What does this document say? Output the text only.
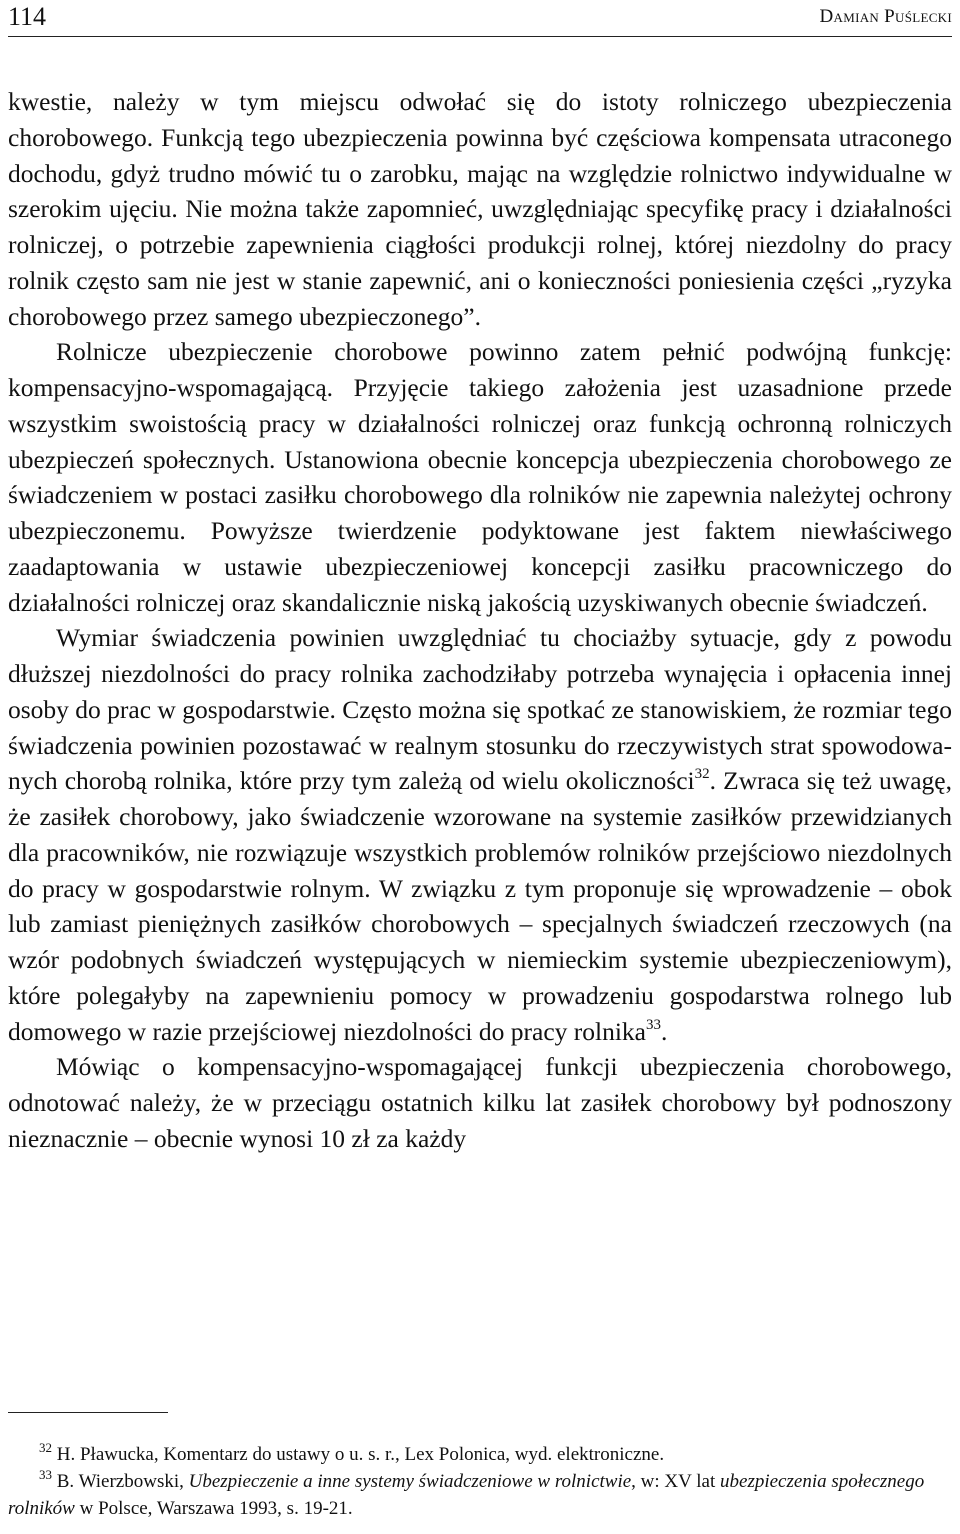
114	Damian Puślecki

kwestie, należy w tym miejscu odwołać się do istoty rolniczego ubezpieczenia chorobowego. Funkcją tego ubezpieczenia powinna być częściowa kompensata utraconego dochodu, gdyż trudno mówić tu o zarobku, mając na względzie rolnictwo indywidualne w szerokim ujęciu. Nie można także zapomnieć, uwzględniając specyfikę pracy i działalności rolniczej, o potrzebie zapewnienia ciągłości produkcji rolnej, której niezdolny do pracy rolnik często sam nie jest w stanie zapewnić, ani o konieczności poniesienia części „ryzyka chorobowego przez samego ubezpieczonego”.

Rolnicze ubezpieczenie chorobowe powinno zatem pełnić podwójną funkcję: kompensacyjno-wspomagającą. Przyjęcie takiego założenia jest uzasadnione przede wszystkim swoistością pracy w działalności rolniczej oraz funkcją ochronną rolniczych ubezpieczeń społecznych. Ustanowiona obecnie koncepcja ubezpieczenia chorobowego ze świadczeniem w postaci zasiłku chorobowego dla rolników nie zapewnia należytej ochrony ubezpieczonemu. Powyższe twierdzenie podyktowane jest faktem niewłaściwego zaadaptowania w ustawie ubezpieczeniowej koncepcji zasiłku pracowniczego do działalności rolniczej oraz skandalicznie niską jakością uzyskiwanych obecnie świadczeń.

Wymiar świadczenia powinien uwzględniać tu chociażby sytuacje, gdy z powodu dłuższej niezdolności do pracy rolnika zachodziłaby potrzeba wynajęcia i opłacenia innej osoby do prac w gospodarstwie. Często można się spotkać ze stanowiskiem, że rozmiar tego świadczenia powinien pozostawać w realnym stosunku do rzeczywistych strat spowodowanych chorobą rolnika, które przy tym zależą od wielu okoliczności$^{32}$. Zwraca się też uwagę, że zasiłek chorobowy, jako świadczenie wzorowane na systemie zasiłków przewidzianych dla pracowników, nie rozwiązuje wszystkich problemów rolników przejściowo niezdolnych do pracy w gospodarstwie rolnym. W związku z tym proponuje się wprowadzenie – obok lub zamiast pieniężnych zasiłków chorobowych – specjalnych świadczeń rzeczowych (na wzór podobnych świadczeń występujących w niemieckim systemie ubezpieczeniowym), które polegałyby na zapewnieniu pomocy w prowadzeniu gospodarstwa rolnego lub domowego w razie przejściowej niezdolności do pracy rolnika$^{33}$.

Mówiąc o kompensacyjno-wspomagającej funkcji ubezpieczenia chorobowego, odnotować należy, że w przeciągu ostatnich kilku lat zasiłek chorobowy był podnoszony nieznacznie – obecnie wynosi 10 zł za każdy

$^{32}$ H. Pławucka, Komentarz do ustawy o u. s. r., Lex Polonica, wyd. elektroniczne.

$^{33}$ B. Wierzbowski, Ubezpieczenie a inne systemy świadczeniowe w rolnictwie, w: XV lat ubezpieczenia społecznego rolników w Polsce, Warszawa 1993, s. 19-21.
